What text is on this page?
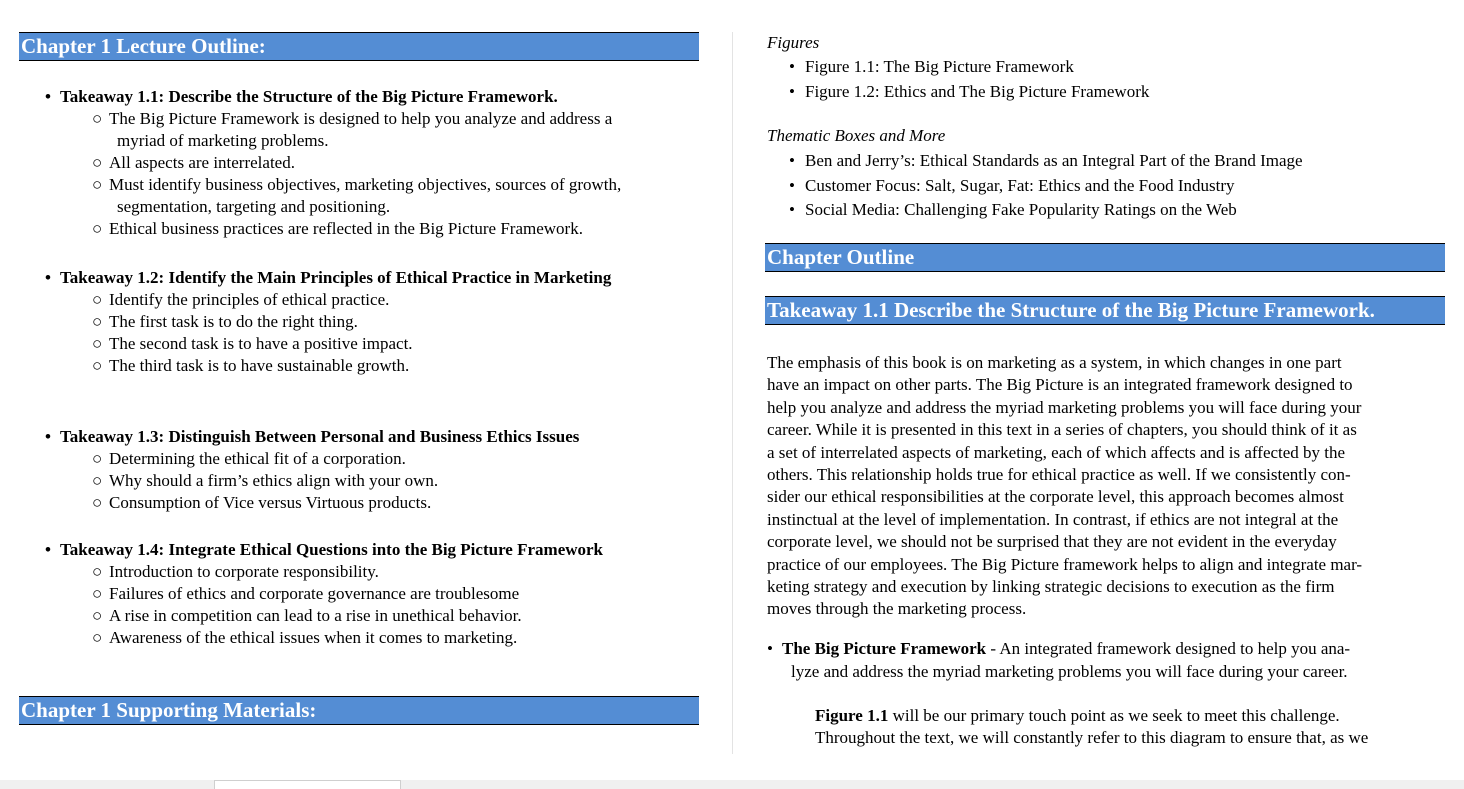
Chapter 1 Lecture Outline:
• Takeaway 1.1: Describe the Structure of the Big Picture Framework.
○ The Big Picture Framework is designed to help you analyze and address a
myriad of marketing problems.
○ All aspects are interrelated.
○ Must identify business objectives, marketing objectives, sources of growth,
segmentation, targeting and positioning.
○ Ethical business practices are reflected in the Big Picture Framework.
• Takeaway 1.2: Identify the Main Principles of Ethical Practice in Marketing
○ Identify the principles of ethical practice.
○ The first task is to do the right thing.
○ The second task is to have a positive impact.
○ The third task is to have sustainable growth.
• Takeaway 1.3: Distinguish Between Personal and Business Ethics Issues
○ Determining the ethical fit of a corporation.
○ Why should a firm’s ethics align with your own.
○ Consumption of Vice versus Virtuous products.
• Takeaway 1.4: Integrate Ethical Questions into the Big Picture Framework
○ Introduction to corporate responsibility.
○ Failures of ethics and corporate governance are troublesome
○ A rise in competition can lead to a rise in unethical behavior.
○ Awareness of the ethical issues when it comes to marketing.
Chapter 1 Supporting Materials:
Figures
• Figure 1.1: The Big Picture Framework
• Figure 1.2: Ethics and The Big Picture Framework
Thematic Boxes and More
• Ben and Jerry’s: Ethical Standards as an Integral Part of the Brand Image
• Customer Focus: Salt, Sugar, Fat: Ethics and the Food Industry
• Social Media: Challenging Fake Popularity Ratings on the Web
Chapter Outline
Takeaway 1.1 Describe the Structure of the Big Picture Framework.
The emphasis of this book is on marketing as a system, in which changes in one part
have an impact on other parts. The Big Picture is an integrated framework designed to
help you analyze and address the myriad marketing problems you will face during your
career. While it is presented in this text in a series of chapters, you should think of it as
a set of interrelated aspects of marketing, each of which affects and is affected by the
others. This relationship holds true for ethical practice as well. If we consistently con-
sider our ethical responsibilities at the corporate level, this approach becomes almost
instinctual at the level of implementation. In contrast, if ethics are not integral at the
corporate level, we should not be surprised that they are not evident in the everyday
practice of our employees. The Big Picture framework helps to align and integrate mar-
keting strategy and execution by linking strategic decisions to execution as the firm
moves through the marketing process.
• The Big Picture Framework - An integrated framework designed to help you ana-
lyze and address the myriad marketing problems you will face during your career.
Figure 1.1 will be our primary touch point as we seek to meet this challenge.
Throughout the text, we will constantly refer to this diagram to ensure that, as we
